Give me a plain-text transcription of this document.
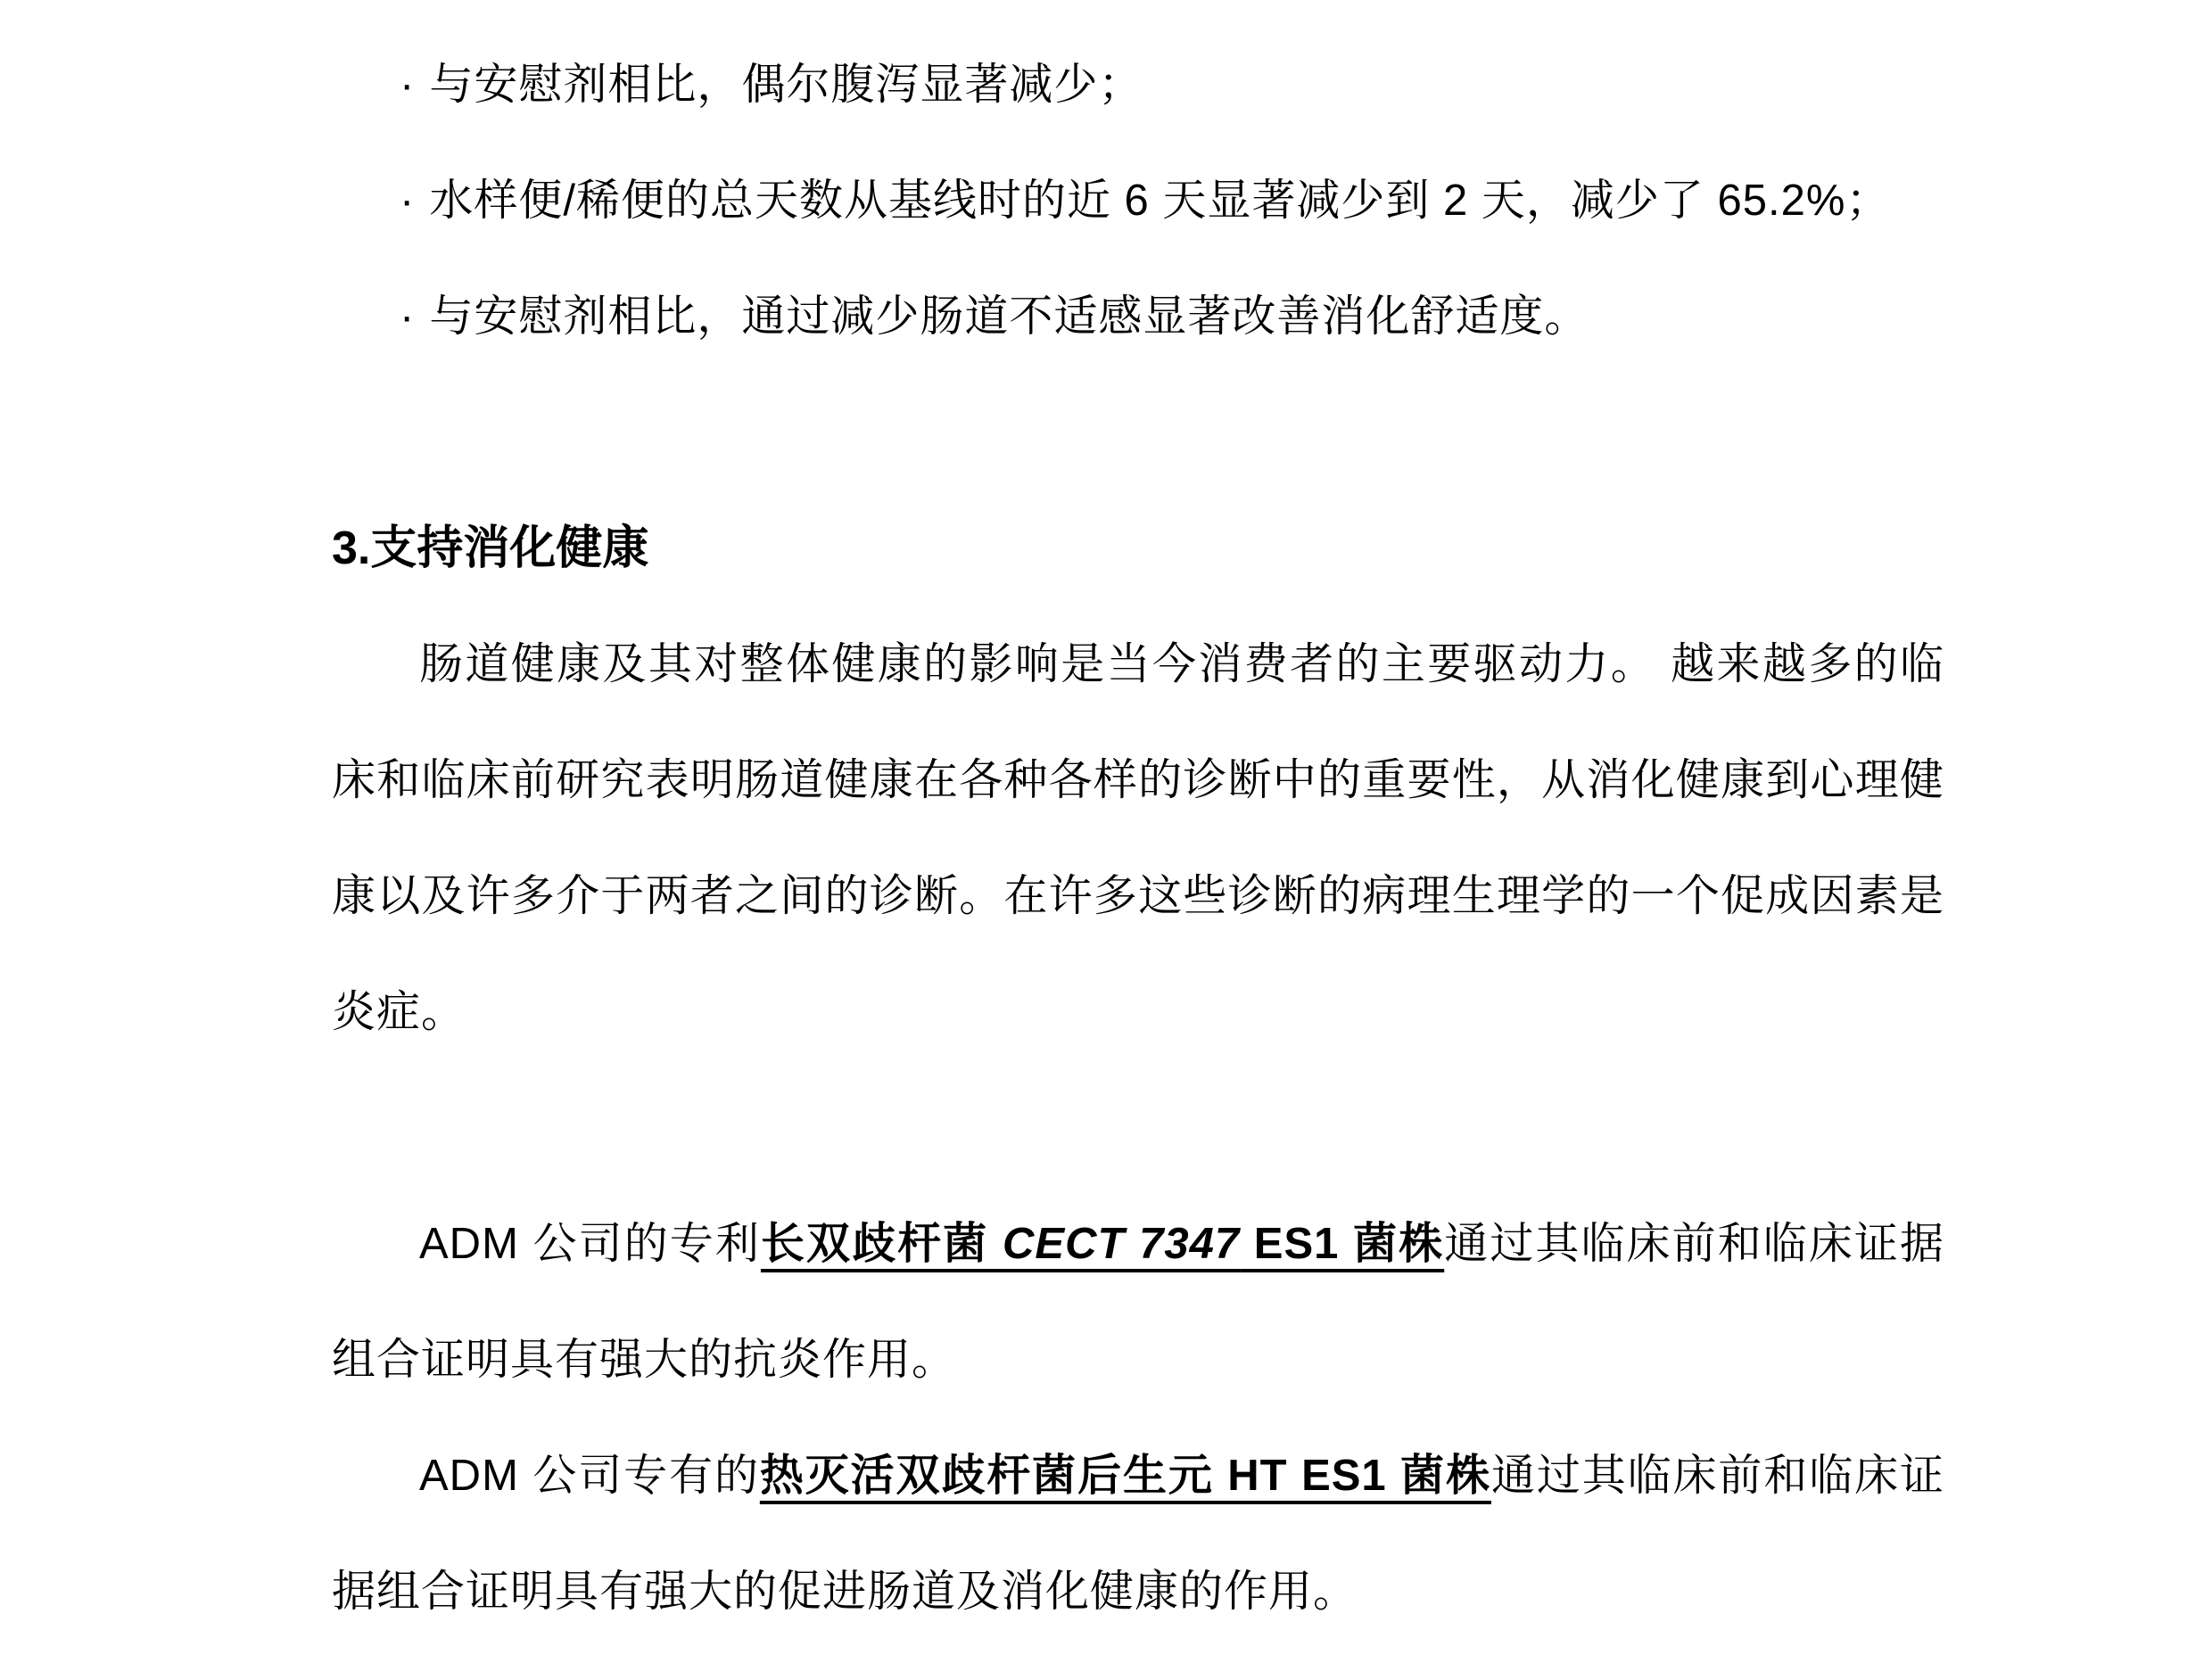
· 与安慰剂相比，偶尔腹泻显著减少；

· 水样便/稀便的总天数从基线时的近 6 天显著减少到 2 天，减少了 65.2%；

· 与安慰剂相比，通过减少肠道不适感显著改善消化舒适度。

3.支持消化健康

肠道健康及其对整体健康的影响是当今消费者的主要驱动力。 越来越多的临床和临床前研究表明肠道健康在各种各样的诊断中的重要性，从消化健康到心理健康以及许多介于两者之间的诊断。在许多这些诊断的病理生理学的一个促成因素是炎症。

ADM 公司的专利长双歧杆菌 CECT 7347 ES1 菌株通过其临床前和临床证据组合证明具有强大的抗炎作用。

ADM 公司专有的热灭活双歧杆菌后生元 HT ES1 菌株通过其临床前和临床证据组合证明具有强大的促进肠道及消化健康的作用。
